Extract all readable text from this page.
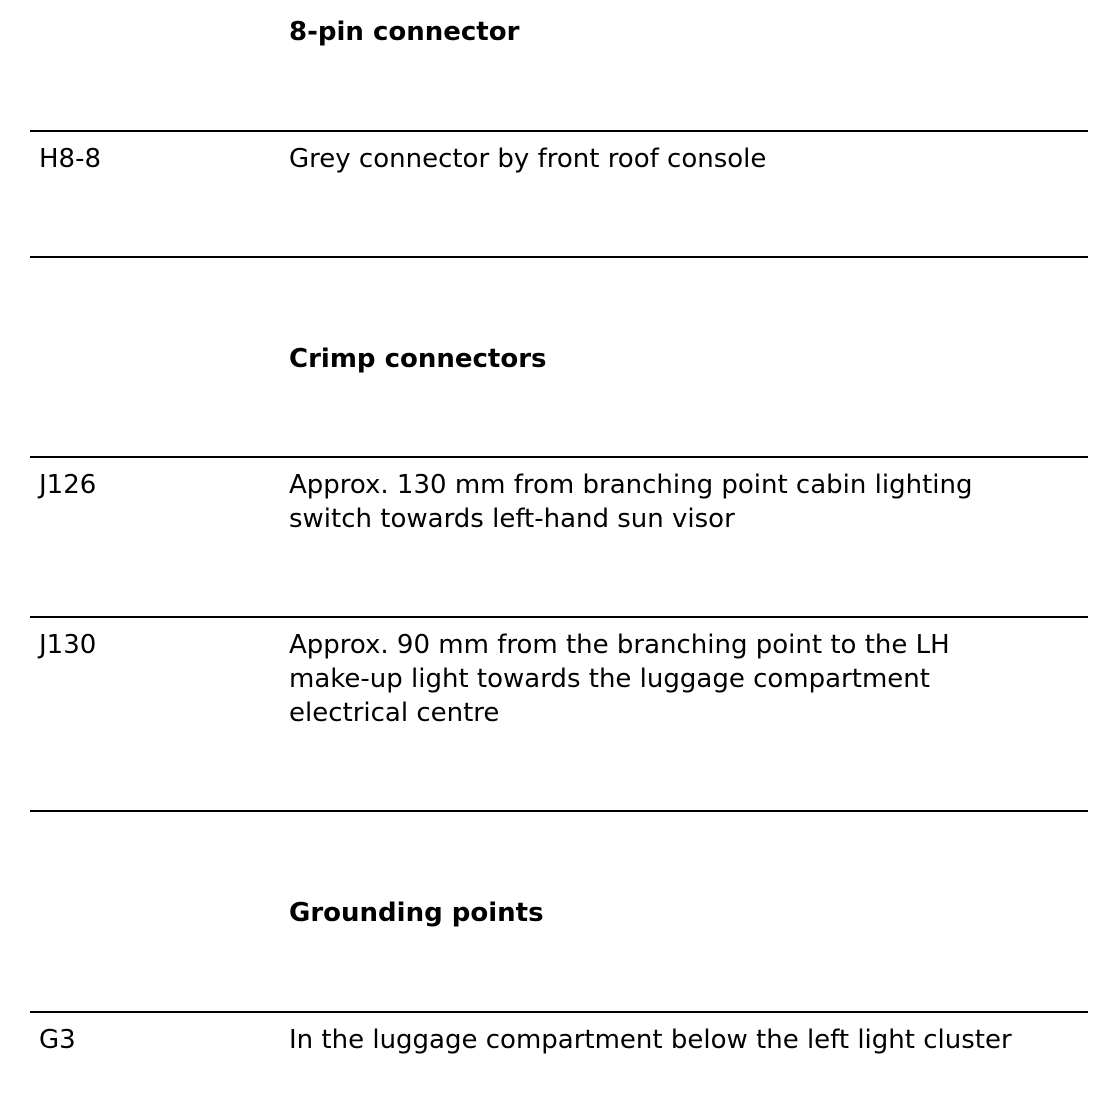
8-pin connector
H8-8	Grey connector by front roof console
Crimp connectors
J126	Approx. 130 mm from branching point cabin lighting
switch towards left-hand sun visor
J130	Approx. 90 mm from the branching point to the LH
make-up light towards the luggage compartment
electrical centre
Grounding points
G3	In the luggage compartment below the left light cluster
